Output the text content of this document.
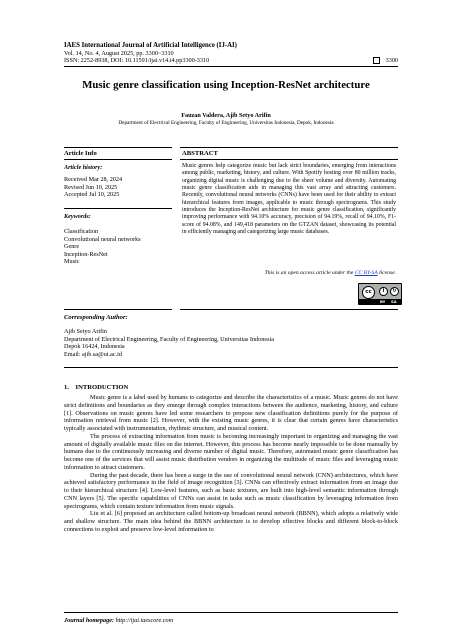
IAES International Journal of Artificial Intelligence (IJ-AI)
Vol. 14, No. 4, August 2025, pp. 3300~3310
ISSN: 2252-8938, DOI: 10.11591/ijai.v14.i4.pp3300-3310	3300
Music genre classification using Inception-ResNet architecture
Fauzan Valdera, Ajib Setyo Arifin
Department of Electrical Engineering, Faculty of Engineering, Universitas Indonesia, Depok, Indonesia
Article Info	ABSTRACT
Article history:
Received Mar 28, 2024
Revised Jun 10, 2025
Accepted Jul 10, 2025
Keywords:
Classification
Convolutional neural networks
Genre
Inception-ResNet
Music
Music genres help categorize music but lack strict boundaries, emerging from interactions among public, marketing, history, and culture. With Spotify hosting over 80 million tracks, organizing digital music is challenging due to the sheer volume and diversity. Automating music genre classification aids in managing this vast array and attracting customers. Recently, convolutional neural networks (CNNs) have been used for their ability to extract hierarchical features from images, applicable to music through spectrograms. This study introduces the Inception-ResNet architecture for music genre classification, significantly improving performance with 94.10% accuracy, precision of 94.19%, recall of 94.10%, F1-score of 94.08%, and 149,418 parameters on the GTZAN dataset, showcasing its potential in efficiently managing and categorizing large music databases.
This is an open access article under the CC BY-SA license.
cc	i	↻
BY SA
Corresponding Author:
Ajib Setyo Arifin
Department of Electrical Engineering, Faculty of Engineering, Universitas Indonesia
Depok 16424, Indonesia
Email: ajib.sa@ui.ac.id
1.    INTRODUCTION

Music genre is a label used by humans to categorize and describe the characteristics of a music. Music genres do not have strict definitions and boundaries as they emerge through complex interactions between the audience, marketing, history, and culture [1]. Observations on music genres have led some researchers to propose new classification definitions purely for the purpose of information retrieval from music [2]. However, with the existing music genres, it is clear that certain genres have characteristics typically associated with instrumentation, rhythmic structure, and musical content.

The process of extracting information from music is becoming increasingly important in organizing and managing the vast amount of digitally available music files on the internet. However, this process has become nearly impossible to be done manually by humans due to the continuously increasing and diverse number of digital music. Therefore, automated music genre classification has become one of the services that will assist music distribution vendors in organizing the multitude of music files and leveraging music information to attract customers.

During the past decade, there has been a surge in the use of convolutional neural network (CNN) architectures, which have achieved satisfactory performance in the field of image recognition [3]. CNNs can effectively extract information from an image due to their hierarchical structure [4]. Low-level features, such as basic textures, are built into high-level semantic information through CNN layers [5]. The specific capabilities of CNNs can assist in tasks such as music classification by leveraging information from spectrograms, which contain texture information from music signals.

Liu et al. [6] proposed an architecture called bottom-up broadcast neural network (BBNN), which adopts a relatively wide and shallow structure. The main idea behind the BBNN architecture is to develop effective blocks and different block-to-block connections to exploit and preserve low-level information to

Journal homepage: http://ijai.iaescore.com
